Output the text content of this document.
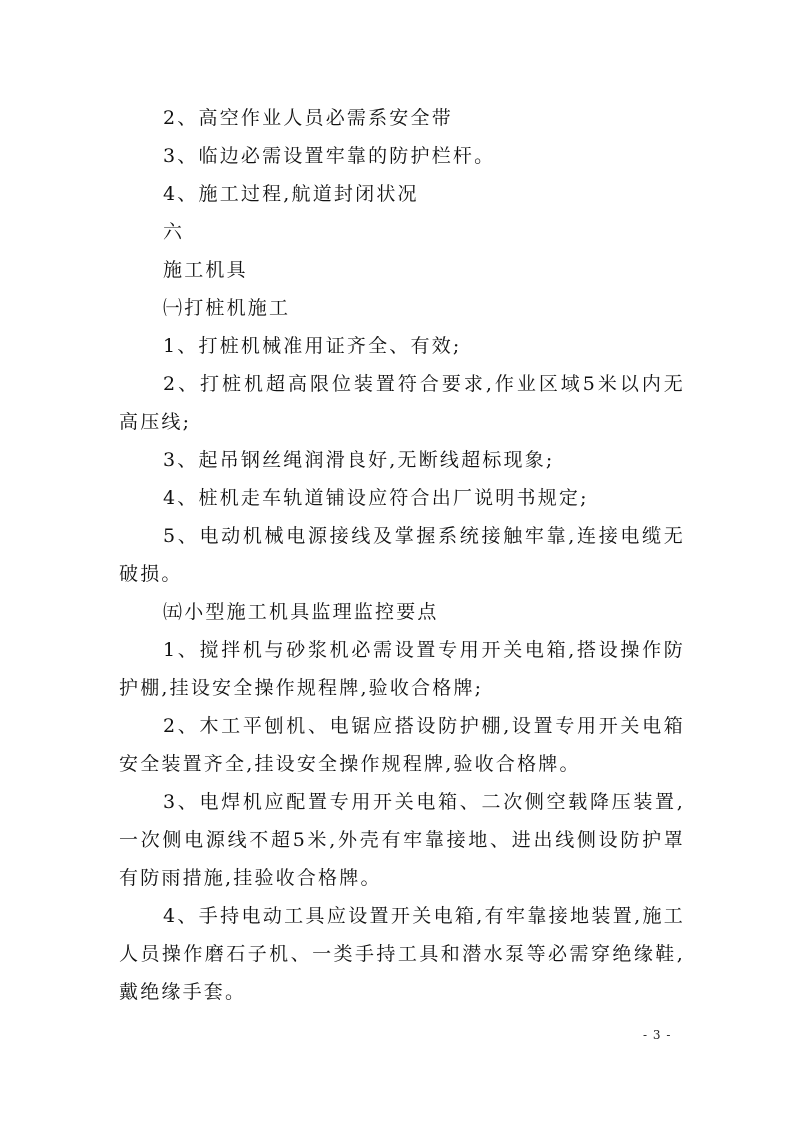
2、高空作业人员必需系安全带

3、临边必需设置牢靠的防护栏杆。

4、施工过程,航道封闭状况

六

施工机具

㈠打桩机施工

1、打桩机械准用证齐全、有效;

2、打桩机超高限位装置符合要求,作业区域5米以内无高压线;

3、起吊钢丝绳润滑良好,无断线超标现象;

4、桩机走车轨道铺设应符合出厂说明书规定;

5、电动机械电源接线及掌握系统接触牢靠,连接电缆无破损。

㈤小型施工机具监理监控要点

1、搅拌机与砂浆机必需设置专用开关电箱,搭设操作防护棚,挂设安全操作规程牌,验收合格牌;

2、木工平刨机、电锯应搭设防护棚,设置专用开关电箱安全装置齐全,挂设安全操作规程牌,验收合格牌。

3、电焊机应配置专用开关电箱、二次侧空载降压装置,一次侧电源线不超5米,外壳有牢靠接地、进出线侧设防护罩有防雨措施,挂验收合格牌。

4、手持电动工具应设置开关电箱,有牢靠接地装置,施工人员操作磨石子机、一类手持工具和潜水泵等必需穿绝缘鞋,戴绝缘手套。

- 3 -
